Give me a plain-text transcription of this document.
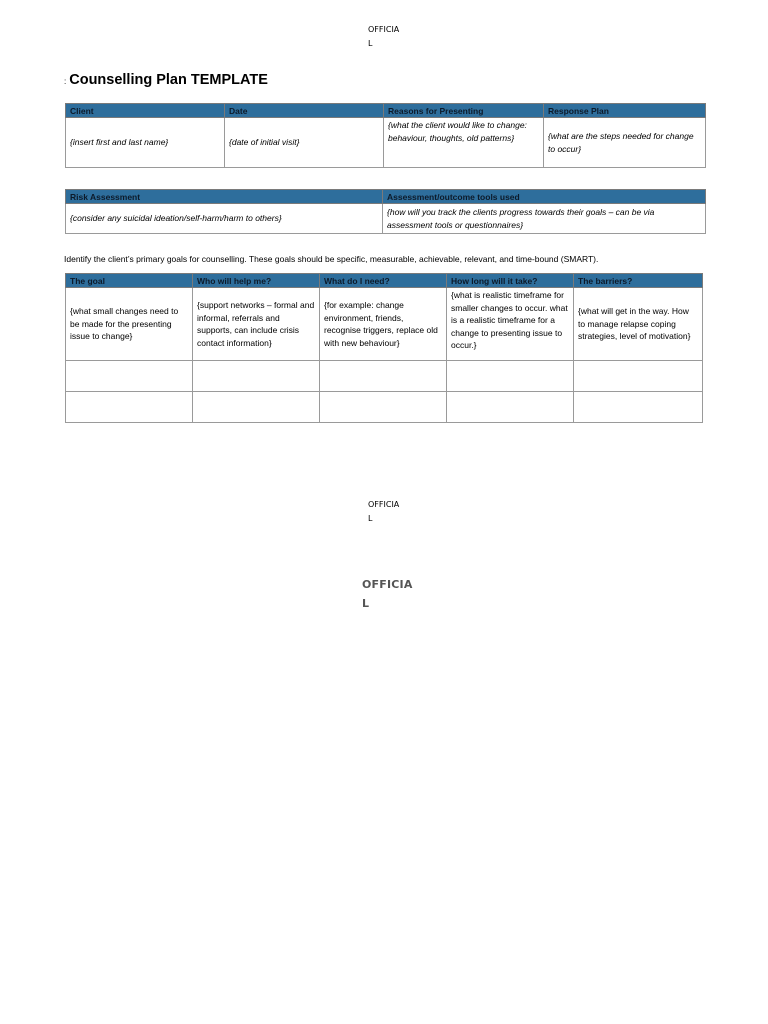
OFFICIA
L
: Counselling Plan TEMPLATE
Client	Date	Reasons for Presenting	Response Plan
{insert first and last name}	{date of initial visit}	{what the client would like to change: behaviour, thoughts, old patterns}	{what are the steps needed for change to occur}
Risk Assessment	Assessment/outcome tools used
{consider any suicidal ideation/self-harm/harm to others}	{how will you track the clients progress towards their goals – can be via assessment tools or questionnaires}
Identify the client’s primary goals for counselling. These goals should be specific, measurable, achievable, relevant, and time-bound (SMART).
The goal	Who will help me?	What do I need?	How long will it take?	The barriers?
{what small changes need to be made for the presenting issue to change}	{support networks – formal and informal, referrals and supports, can include crisis contact information}	{for example: change environment, friends, recognise triggers, replace old with new behaviour}	{what is realistic timeframe for smaller changes to occur. what is a realistic timeframe for a change to presenting issue to occur.}	{what will get in the way. How to manage relapse coping strategies, level of motivation}

OFFICIA
L
OFFICIA
L
